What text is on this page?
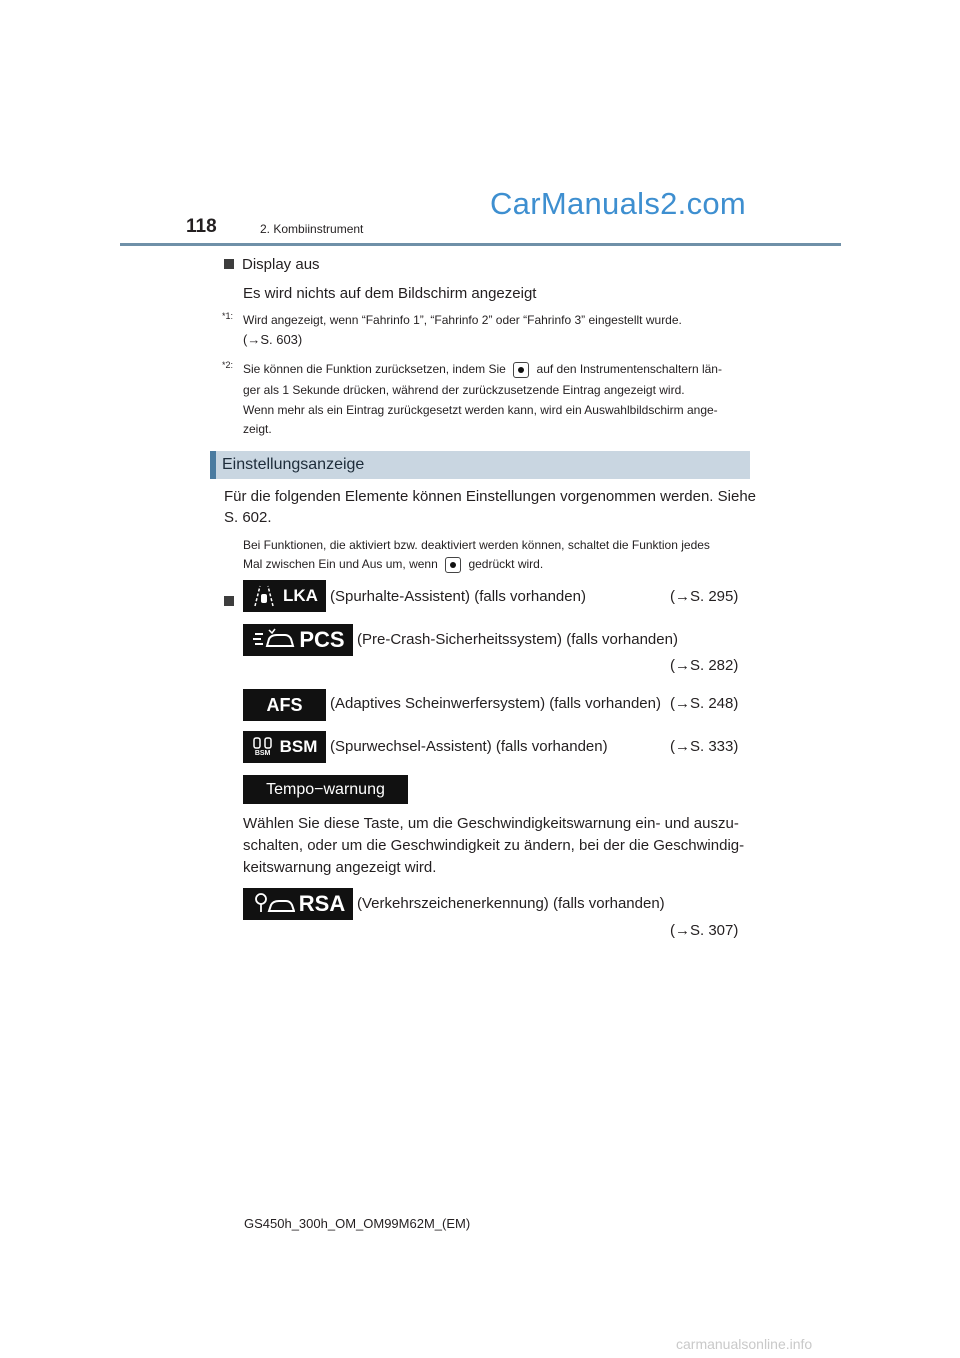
118	2. Kombiinstrument
CarManuals2.com
Display aus
Es wird nichts auf dem Bildschirm angezeigt
$^{*1:}$ Wird angezeigt, wenn “Fahrinfo 1”, “Fahrinfo 2” oder “Fahrinfo 3” eingestellt wurde.
(→S. 603)
$^{*2:}$ Sie können die Funktion zurücksetzen, indem Sie	auf den Instrumentenschaltern län-
ger als 1 Sekunde drücken, während der zurückzusetzende Eintrag angezeigt wird.
Wenn mehr als ein Eintrag zurückgesetzt werden kann, wird ein Auswahlbildschirm ange-
zeigt.
Einstellungsanzeige
Für die folgenden Elemente können Einstellungen vorgenommen werden. Siehe
S. 602.
Bei Funktionen, die aktiviert bzw. deaktiviert werden können, schaltet die Funktion jedes
Mal zwischen Ein und Aus um, wenn	gedrückt wird.

LKA (Spurhalte-Assistent) (falls vorhanden)	(→S. 295)

PCS (Pre-Crash-Sicherheitssystem) (falls vorhanden)
(→S. 282)

AFS (Adaptives Scheinwerfersystem) (falls vorhanden) (→S. 248)

BSM BSM (Spurwechsel-Assistent) (falls vorhanden)	(→S. 333)

Tempo−warnung
Wählen Sie diese Taste, um die Geschwindigkeitswarnung ein- und auszu-
schalten, oder um die Geschwindigkeit zu ändern, bei der die Geschwindig-
keitswarnung angezeigt wird.
RSA (Verkehrszeichenerkennung) (falls vorhanden)
(→S. 307)
GS450h_300h_OM_OM99M62M_(EM)
carmanualsonline.info
